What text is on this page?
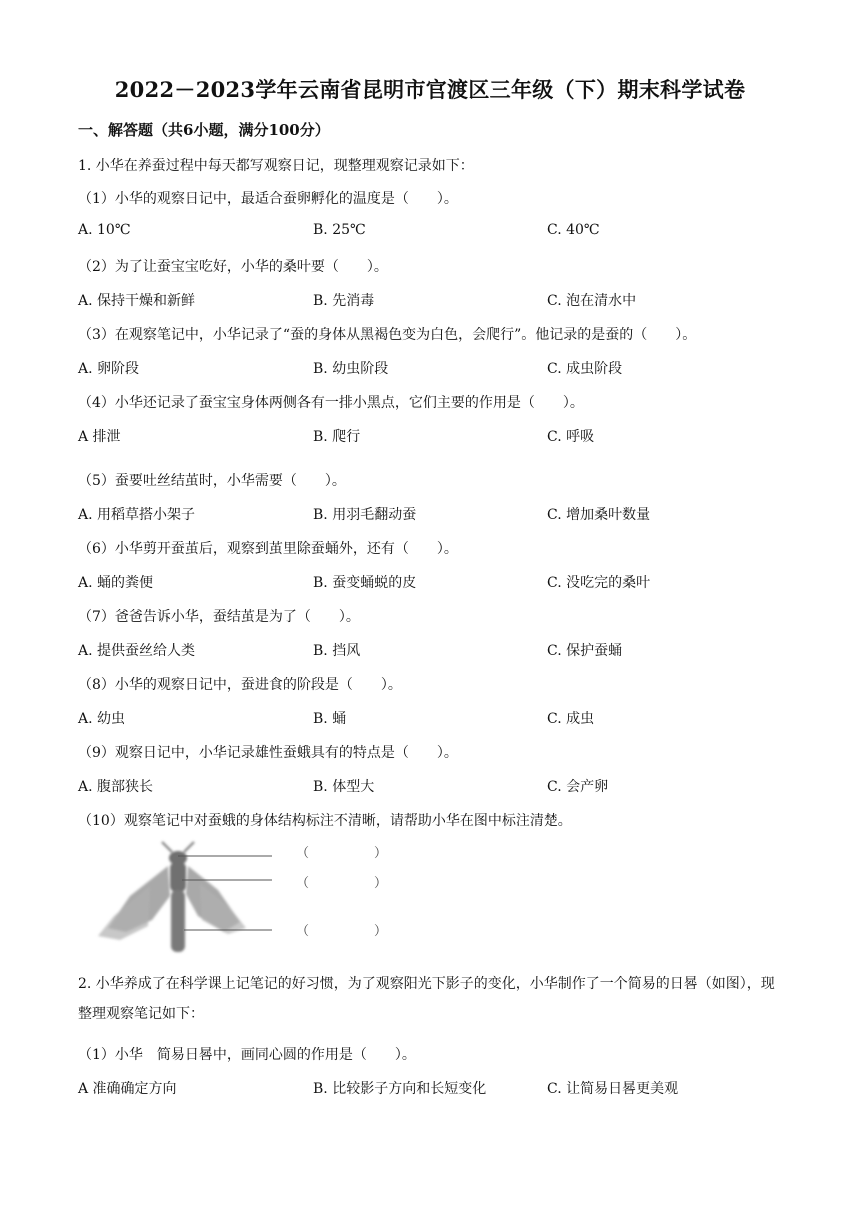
2022－2023学年云南省昆明市官渡区三年级（下）期末科学试卷
一、解答题（共6小题，满分100分）
1. 小华在养蚕过程中每天都写观察日记，现整理观察记录如下：
（1）小华的观察日记中，最适合蚕卵孵化的温度是（　　）。
A. 10℃	B. 25℃	C. 40℃
（2）为了让蚕宝宝吃好，小华的桑叶要（　　）。
A. 保持干燥和新鲜	B. 先消毒	C. 泡在清水中
（3）在观察笔记中，小华记录了“蚕的身体从黑褐色变为白色，会爬行”。他记录的是蚕的（　　）。
A. 卵阶段	B. 幼虫阶段	C. 成虫阶段
（4）小华还记录了蚕宝宝身体两侧各有一排小黑点，它们主要的作用是（　　）。
A 排泄	B. 爬行	C. 呼吸
（5）蚕要吐丝结茧时，小华需要（　　）。
A. 用稻草搭小架子	B. 用羽毛翻动蚕	C. 增加桑叶数量
（6）小华剪开蚕茧后，观察到茧里除蚕蛹外，还有（　　）。
A. 蛹的粪便	B. 蚕变蛹蜕的皮	C. 没吃完的桑叶
（7）爸爸告诉小华，蚕结茧是为了（　　）。
A. 提供蚕丝给人类	B. 挡风	C. 保护蚕蛹
（8）小华的观察日记中，蚕进食的阶段是（　　）。
A. 幼虫	B. 蛹	C. 成虫
（9）观察日记中，小华记录雄性蚕蛾具有的特点是（　　）。
A. 腹部狭长	B. 体型大	C. 会产卵
（10）观察笔记中对蚕蛾的身体结构标注不清晰，请帮助小华在图中标注清楚。
（　　　　　）
（　　　　　）
（　　　　　）
2. 小华养成了在科学课上记笔记的好习惯，为了观察阳光下影子的变化，小华制作了一个简易的日晷（如图），现整理观察笔记如下：
（1）小华　简易日晷中，画同心圆的作用是（　　）。
A 准确确定方向	B. 比较影子方向和长短变化	C. 让简易日晷更美观
